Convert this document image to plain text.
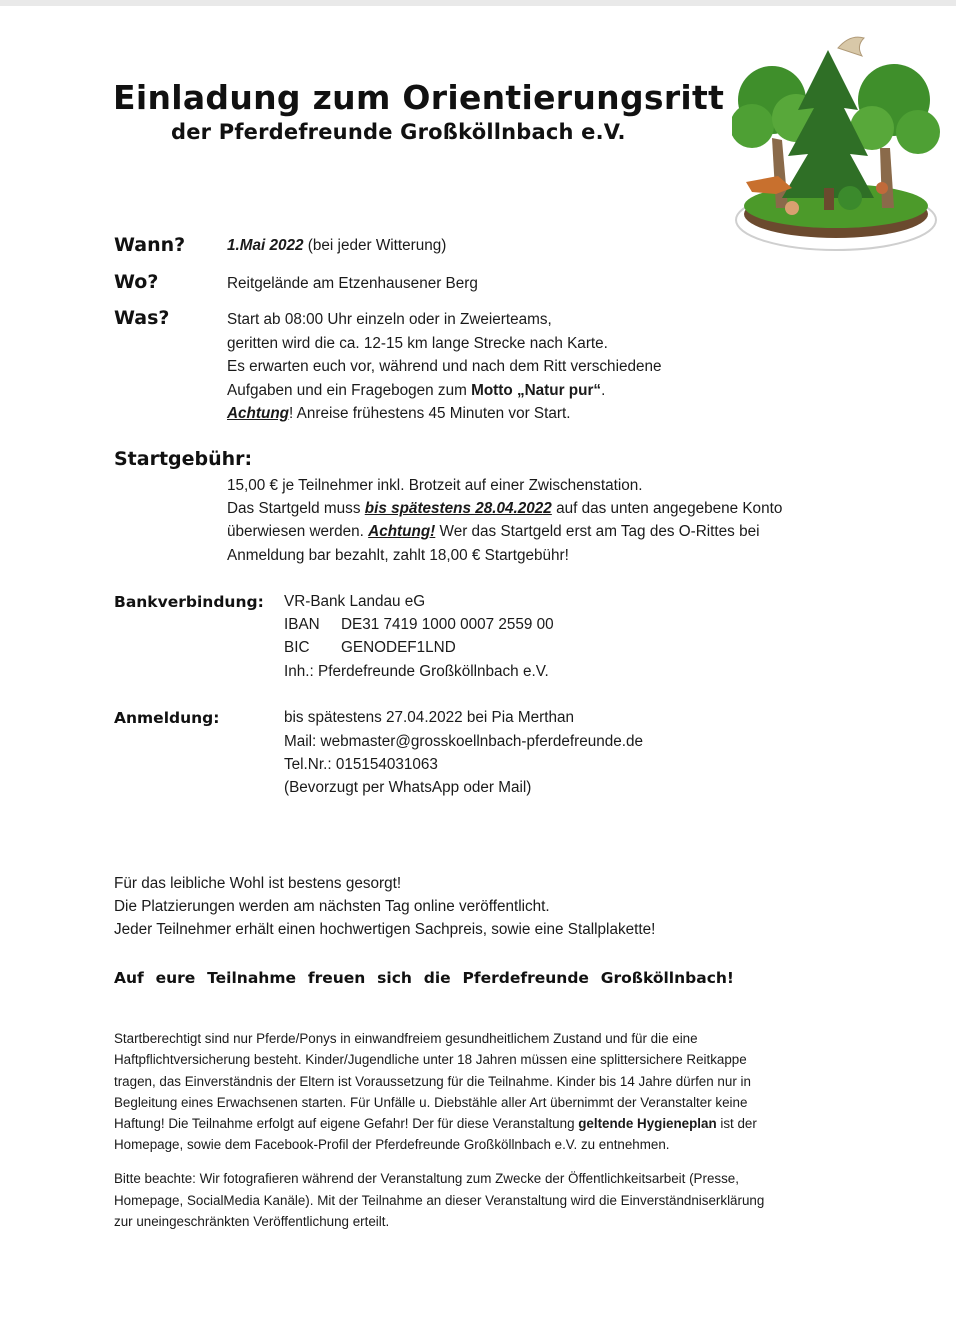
Einladung zum Orientierungsritt
der Pferdefreunde Großköllnbach e.V.
Wann?	1.Mai 2022 (bei jeder Witterung)
Wo?	Reitgelände am Etzenhausener Berg
Was?	Start ab 08:00 Uhr einzeln oder in Zweierteams,
geritten wird die ca. 12-15 km lange Strecke nach Karte.
Es erwarten euch vor, während und nach dem Ritt verschiedene
Aufgaben und ein Fragebogen zum Motto „Natur pur“.
Achtung! Anreise frühestens 45 Minuten vor Start.
Startgebühr:
15,00 € je Teilnehmer inkl. Brotzeit auf einer Zwischenstation.
Das Startgeld muss bis spätestens 28.04.2022 auf das unten angegebene Konto
überwiesen werden. Achtung! Wer das Startgeld erst am Tag des O-Rittes bei
Anmeldung bar bezahlt, zahlt 18,00 € Startgebühr!
Bankverbindung: VR-Bank Landau eG
IBAN DE31 7419 1000 0007 2559 00
BIC GENODEF1LND
Inh.: Pferdefreunde Großköllnbach e.V.
Anmeldung:	bis spätestens 27.04.2022 bei Pia Merthan
Mail: webmaster@grosskoellnbach-pferdefreunde.de
Tel.Nr.: 015154031063
(Bevorzugt per WhatsApp oder Mail)
Für das leibliche Wohl ist bestens gesorgt!
Die Platzierungen werden am nächsten Tag online veröffentlicht.
Jeder Teilnehmer erhält einen hochwertigen Sachpreis, sowie eine Stallplakette!
Auf eure Teilnahme freuen sich die Pferdefreunde Großköllnbach!
Startberechtigt sind nur Pferde/Ponys in einwandfreiem gesundheitlichem Zustand und für die eine
Haftpflichtversicherung besteht. Kinder/Jugendliche unter 18 Jahren müssen eine splittersichere Reitkappe
tragen, das Einverständnis der Eltern ist Voraussetzung für die Teilnahme. Kinder bis 14 Jahre dürfen nur in
Begleitung eines Erwachsenen starten. Für Unfälle u. Diebstähle aller Art übernimmt der Veranstalter keine
Haftung! Die Teilnahme erfolgt auf eigene Gefahr! Der für diese Veranstaltung geltende Hygieneplan ist der
Homepage, sowie dem Facebook-Profil der Pferdefreunde Großköllnbach e.V. zu entnehmen.
Bitte beachte: Wir fotografieren während der Veranstaltung zum Zwecke der Öffentlichkeitsarbeit (Presse,
Homepage, SocialMedia Kanäle). Mit der Teilnahme an dieser Veranstaltung wird die Einverständniserklärung
zur uneingeschränkten Veröffentlichung erteilt.
